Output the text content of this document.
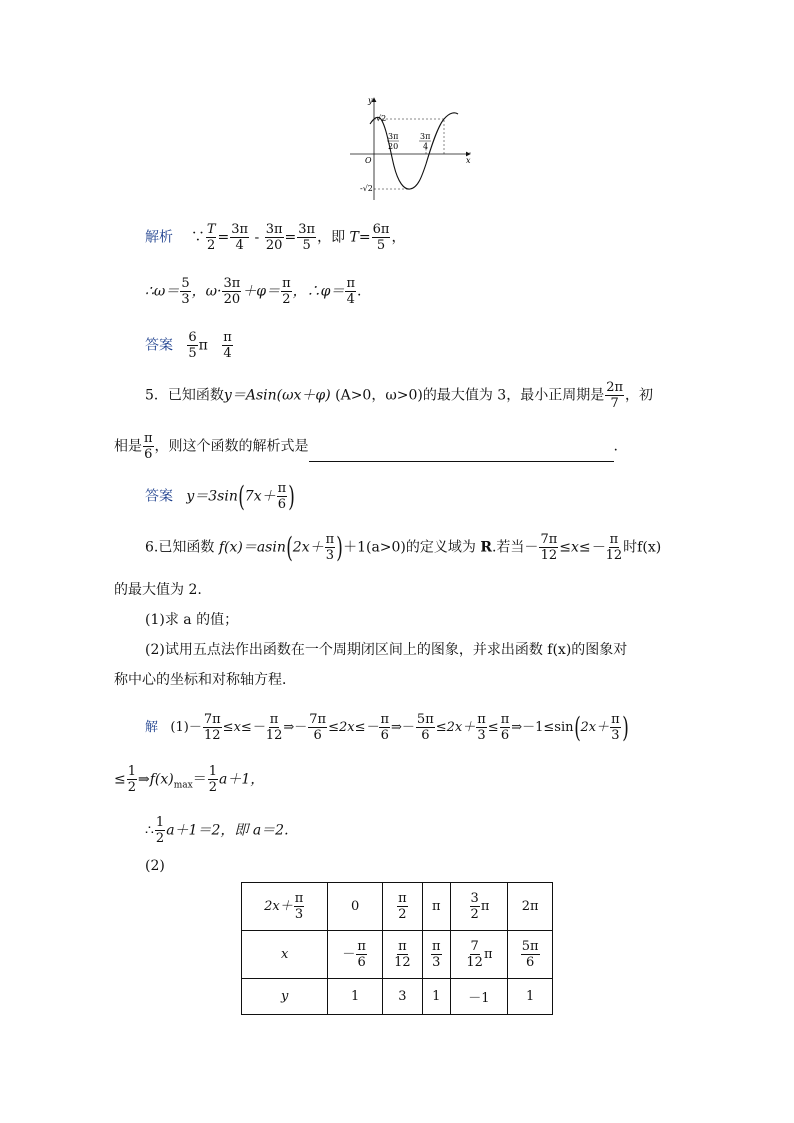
y
x
O
√2
-√2
3π
20
3π
4
解析 ∵ $\frac{T}{2} = \frac{3\pi}{4} - \frac{3\pi}{20} = \frac{3\pi}{5}$ ，即 $T= \frac{6\pi}{5}$ ，
∴ω＝ $\frac{5}{3}$ ，$\omega\cdot \frac{3\pi}{20} +\varphi= \frac{\pi}{2}$ ，∴φ＝ $\frac{\pi}{4}$ .
答案 $\frac{6}{5}$ π $\frac{\pi}{4}$
5．已知函数y＝Asin(ωx＋φ) (A>0，ω>0)的最大值为 3，最小正周期是 $\frac{2\pi}{7}$ ，初
相是 $\frac{\pi}{6}$ ，则这个函数的解析式是	.
答案 $y=3\sin(7x+ \frac{\pi}{6}$ )
6.已知函数 $f(x)=asin(2x+ \frac{\pi}{3} )+1(a>0)$的定义域为 R.若当－ $\frac{7\pi}{12} \le x\le- \frac{\pi}{12}$ 时f(x)
的最大值为 2.
(1)求 a 的值；
(2)试用五点法作出函数在一个周期闭区间上的图象，并求出函数 f(x)的图象对
称中心的坐标和对称轴方程．
解 $(1)- \frac{7\pi}{12} \le x\le- \frac{\pi}{12}$ ⇒－ $\frac{7\pi}{6} \le 2x\le- \frac{\pi}{6}$ ⇒－ $\frac{5\pi}{6} \le 2x+ \frac{\pi}{3} \le \frac{\pi}{6}$ ⇒－1≤sin(2x＋ $\frac{\pi}{3}$ )
≤ $\frac{1}{2}$ $\Rightarrow f(x)_{max}= \frac{1}{2} a+1$，
∴ $\frac{1}{2} a+1=2$，即 a＝2.
(2)
$2x+ \frac{\pi}{3}$	0	$\frac{\pi}{2}$	π	$\frac{3}{2}$ π	2π
x	－ $\frac{\pi}{6}$	$\frac{\pi}{12}$	$\frac{\pi}{3}$	$\frac{7}{12}$ π	$\frac{5\pi}{6}$

y	1	3	1	－1	1
